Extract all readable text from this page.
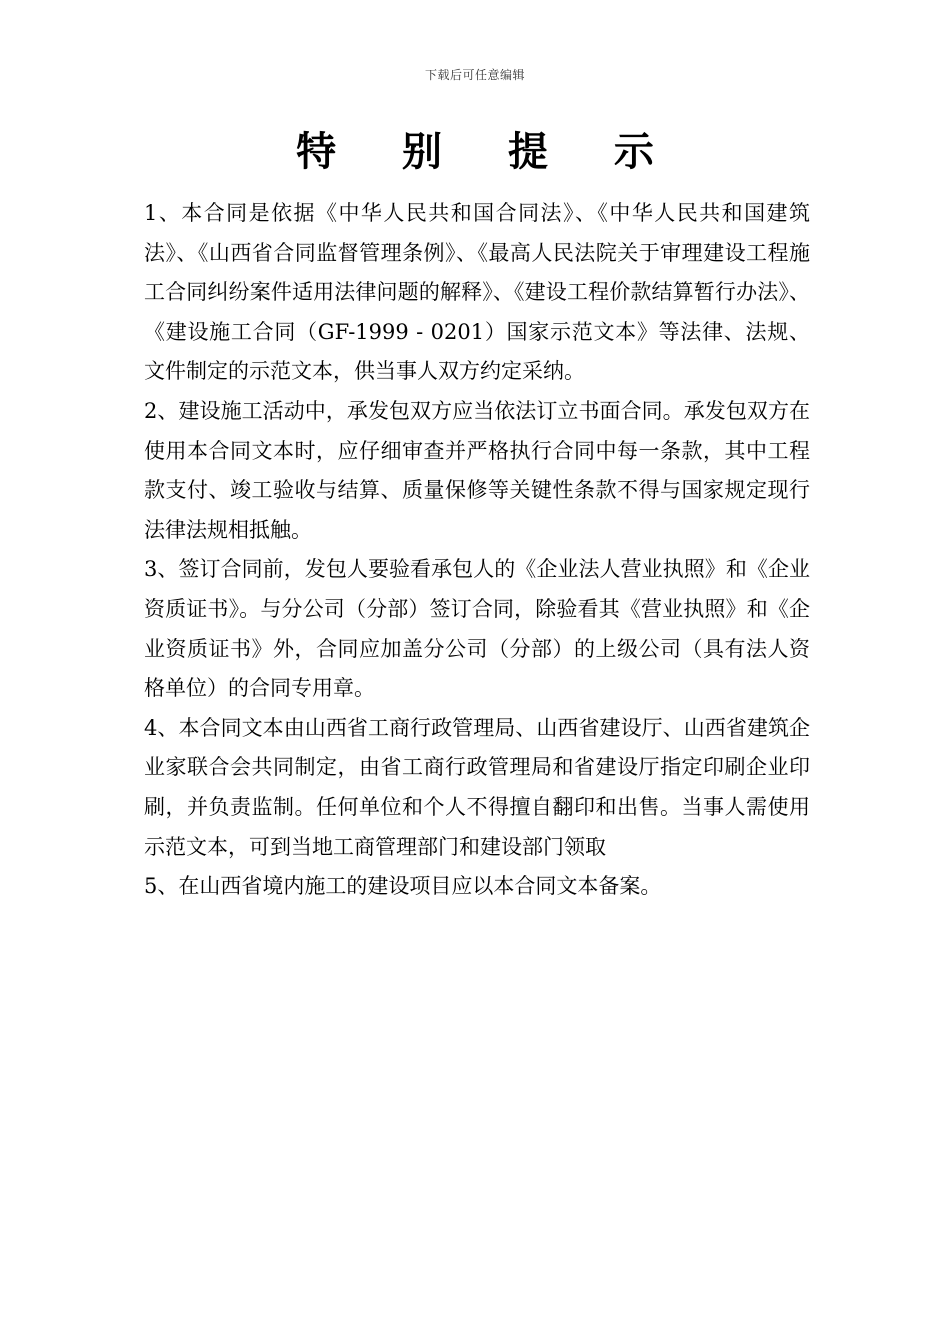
下载后可任意编辑
特 别 提 示

1、本合同是依据《中华人民共和国合同法》、《中华人民共和国建筑法》、《山西省合同监督管理条例》、《最高人民法院关于审理建设工程施工合同纠纷案件适用法律问题的解释》、《建设工程价款结算暂行办法》、《建设施工合同（GF-1999 - 0201）国家示范文本》等法律、法规、文件制定的示范文本，供当事人双方约定采纳。

2、建设施工活动中，承发包双方应当依法订立书面合同。承发包双方在使用本合同文本时，应仔细审查并严格执行合同中每一条款，其中工程款支付、竣工验收与结算、质量保修等关键性条款不得与国家规定现行法律法规相抵触。

3、签订合同前，发包人要验看承包人的《企业法人营业执照》和《企业资质证书》。与分公司（分部）签订合同，除验看其《营业执照》和《企业资质证书》外，合同应加盖分公司（分部）的上级公司（具有法人资格单位）的合同专用章。

4、本合同文本由山西省工商行政管理局、山西省建设厅、山西省建筑企业家联合会共同制定，由省工商行政管理局和省建设厅指定印刷企业印刷，并负责监制。任何单位和个人不得擅自翻印和出售。当事人需使用示范文本，可到当地工商管理部门和建设部门领取

5、在山西省境内施工的建设项目应以本合同文本备案。
